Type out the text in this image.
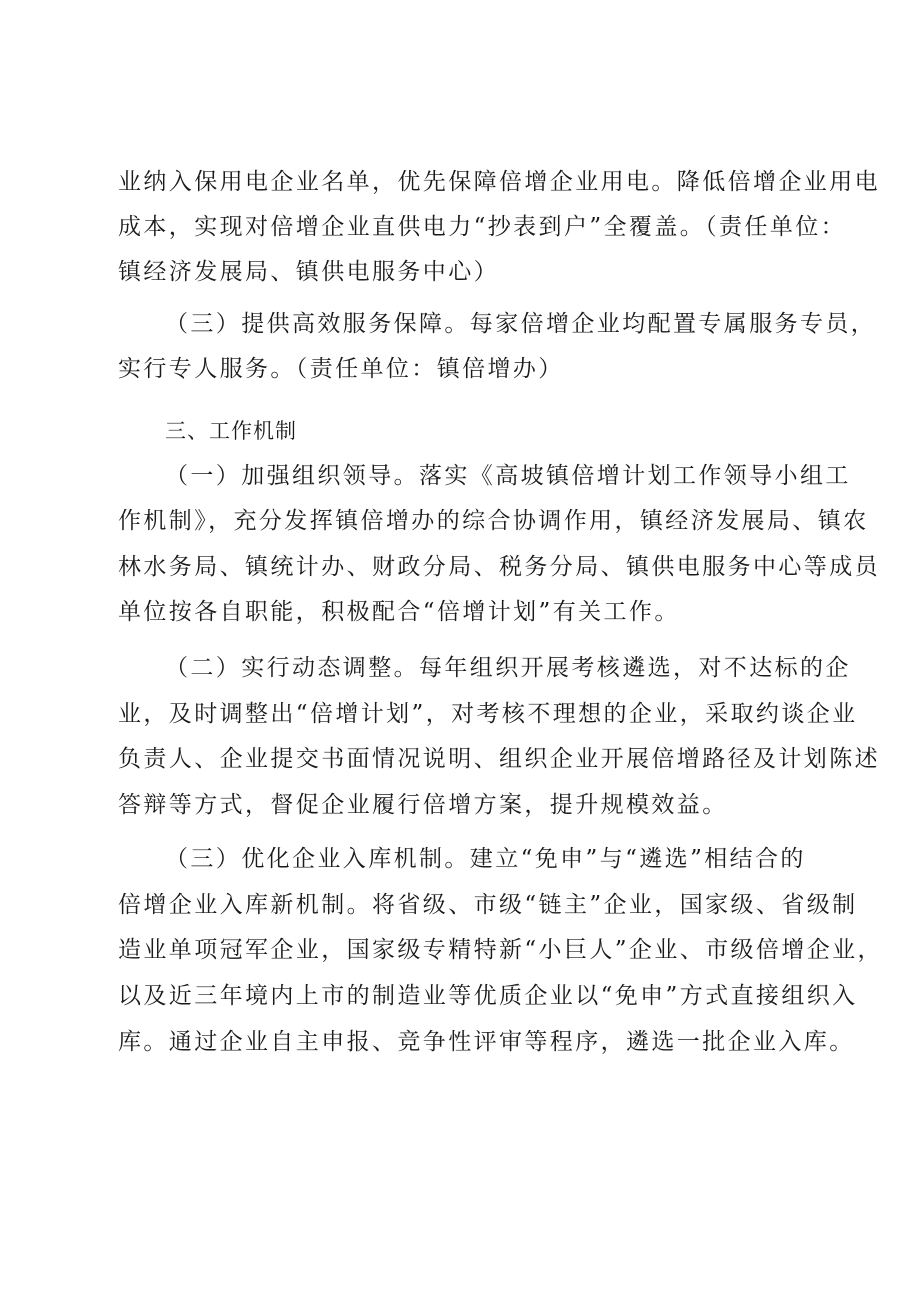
业纳入保用电企业名单，优先保障倍增企业用电。降低倍增企业用电
成本，实现对倍增企业直供电力“抄表到户”全覆盖。（责任单位：
镇经济发展局、镇供电服务中心）
（三）提供高效服务保障。每家倍增企业均配置专属服务专员，
实行专人服务。（责任单位：镇倍增办）
三、工作机制
（一）加强组织领导。落实《高坡镇倍增计划工作领导小组工
作机制》，充分发挥镇倍增办的综合协调作用，镇经济发展局、镇农
林水务局、镇统计办、财政分局、税务分局、镇供电服务中心等成员
单位按各自职能，积极配合“倍增计划”有关工作。
（二）实行动态调整。每年组织开展考核遴选，对不达标的企
业，及时调整出“倍增计划”，对考核不理想的企业，采取约谈企业
负责人、企业提交书面情况说明、组织企业开展倍增路径及计划陈述
答辩等方式，督促企业履行倍增方案，提升规模效益。
（三）优化企业入库机制。建立“免申”与“遴选”相结合的
倍增企业入库新机制。将省级、市级“链主”企业，国家级、省级制
造业单项冠军企业，国家级专精特新“小巨人”企业、市级倍增企业，
以及近三年境内上市的制造业等优质企业以“免申”方式直接组织入
库。通过企业自主申报、竞争性评审等程序，遴选一批企业入库。
